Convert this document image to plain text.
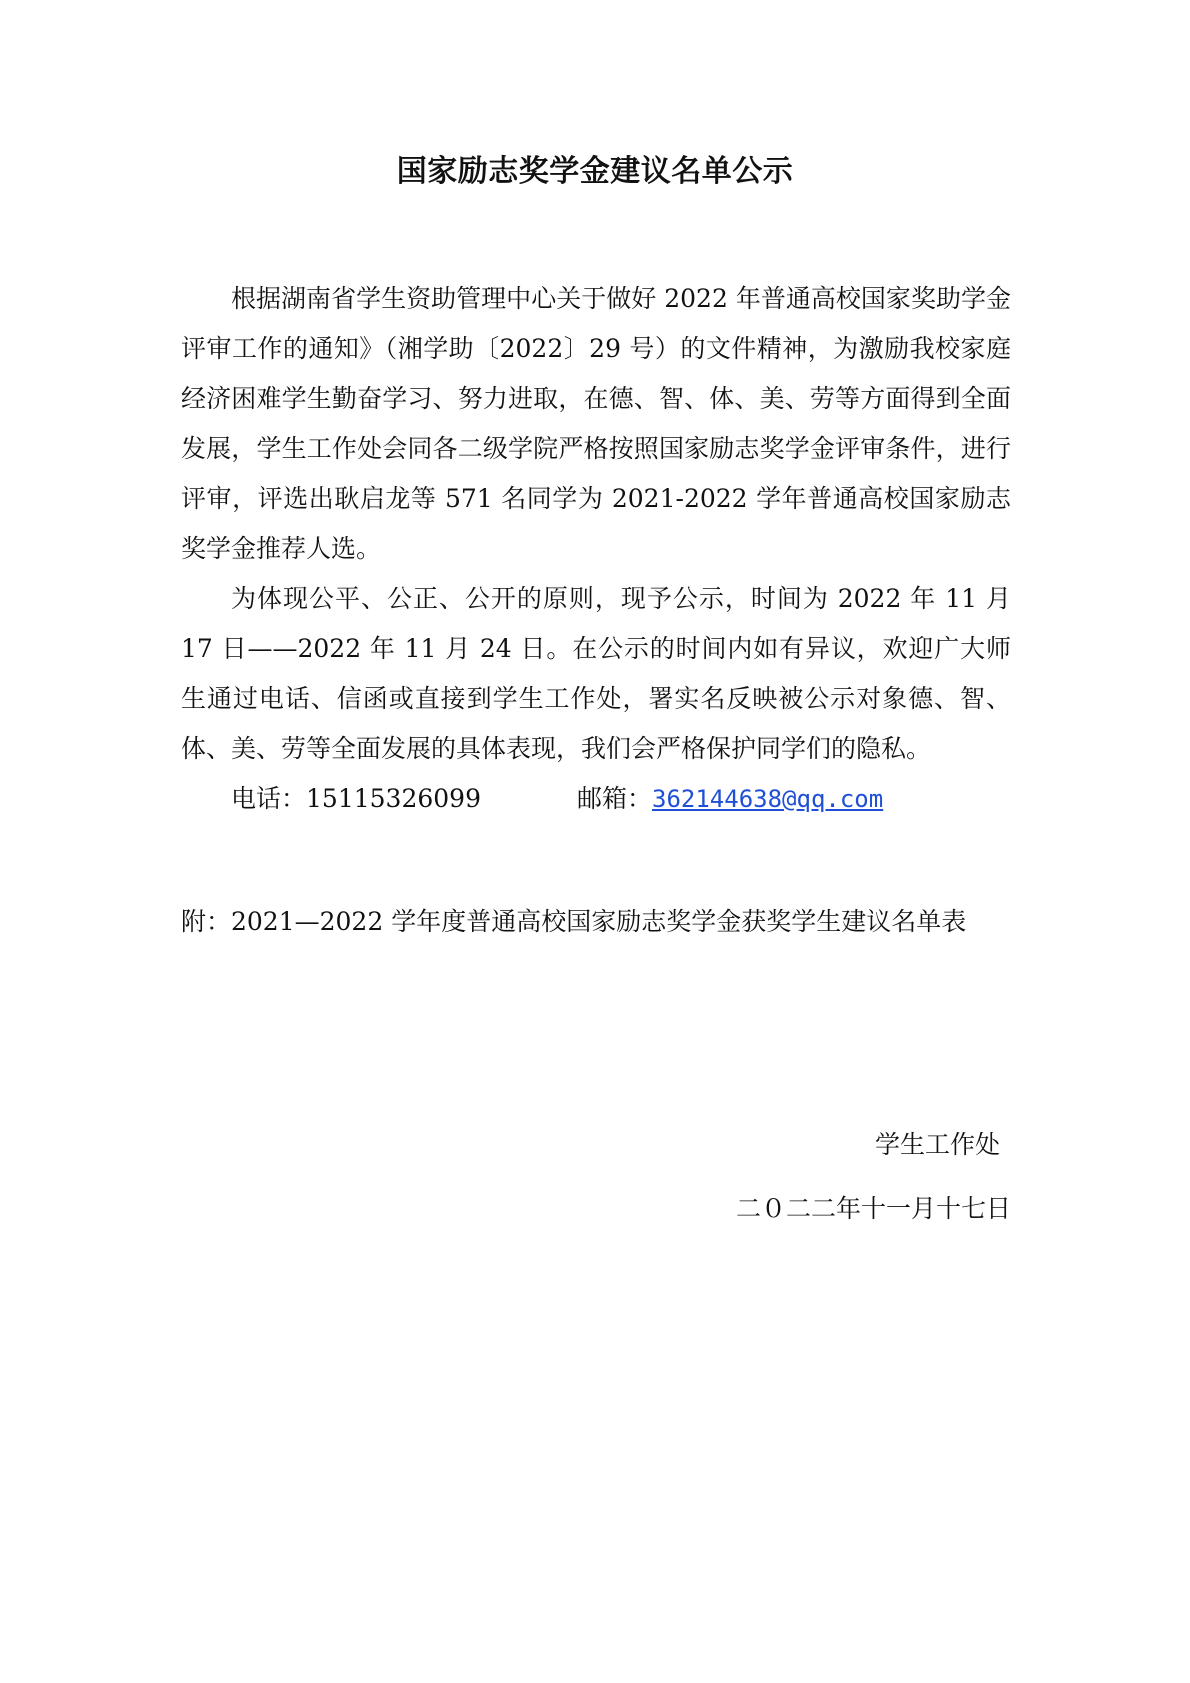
国家励志奖学金建议名单公示

根据湖南省学生资助管理中心关于做好 2022 年普通高校国家奖助学金评审工作的通知》（湘学助〔2022〕29 号）的文件精神，为激励我校家庭经济困难学生勤奋学习、努力进取，在德、智、体、美、劳等方面得到全面发展，学生工作处会同各二级学院严格按照国家励志奖学金评审条件，进行评审，评选出耿启龙等 571 名同学为 2021-2022 学年普通高校国家励志奖学金推荐人选。

为体现公平、公正、公开的原则，现予公示，时间为 2022 年 11 月 17 日——2022 年 11 月 24 日。在公示的时间内如有异议，欢迎广大师生通过电话、信函或直接到学生工作处，署实名反映被公示对象德、智、体、美、劳等全面发展的具体表现，我们会严格保护同学们的隐私。

电话：15115326099	邮箱：362144638@qq.com

附：2021—2022 学年度普通高校国家励志奖学金获奖学生建议名单表

学生工作处

二０二二年十一月十七日
